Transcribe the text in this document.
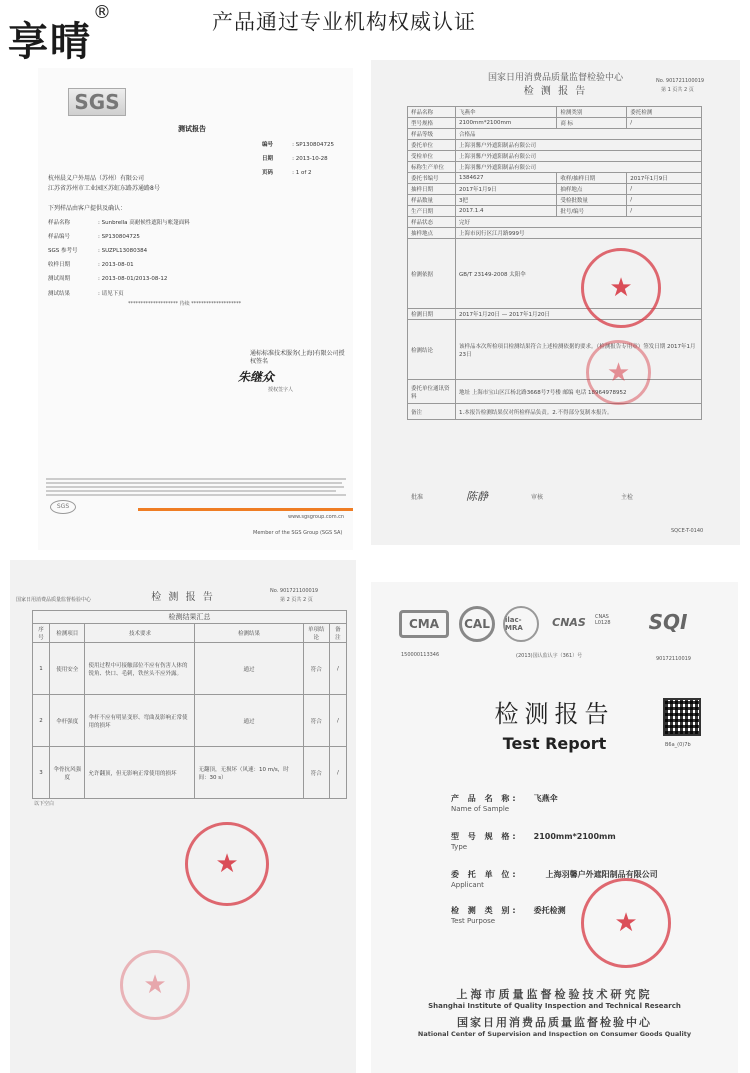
享晴
®	产品通过专业机构权威认证
SGS
测试报告
编号	: SP130804725
日期	: 2013-10-28
页码	: 1 of 2
杭州晨义户外用品（苏州）有限公司
江苏省苏州市工业园区苏虹东路苏通路8号
下列样品由客户提供及确认：
样品名称	: Sunbrella 高耐候性遮阳与帐篷面料
样品编号	: SP130804725
SGS 参考号	: SUZPL13080384
收样日期	: 2013-08-01
测试周期	: 2013-08-01/2013-08-12
测试结果	: 请见下页
******************** 待续 ********************
通标标准技术服务(上海)有限公司授权签名
朱继众
授权签字人
SGS
www.sgsgroup.com.cn
Member of the SGS Group (SGS SA)
国家日用消费品质量监督检验中心
检 测 报 告
No. 901721100019
第 1 页共 2 页
样品名称	飞燕伞	检测类别	委托检测
型号规格	2100mm*2100mm	商 标	/
样品等级	合格品		
委托单位	上海羽馨户外遮阳制品有限公司		
受检单位	上海羽馨户外遮阳制品有限公司		
标称生产单位	上海羽馨户外遮阳制品有限公司		
委托书编号	1384627	收样/抽样日期	2017年1月9日
抽样日期	2017年1月9日	抽样地点	/
样品数量	3把	受检批数量	/
生产日期	2017.1.4	批号/编号	/
样品状态	完好		
抽样地点	上海市闵行区江月路999号		
检测依据	GB/T 23149-2008 太阳伞		
检测日期	2017年1月20日 — 2017年1月20日		
检测结论	该样品本次所检项目检测结果符合上述检测依据的要求。（检测报告专用章）签发日期 2017年1月23日		
委托单位通讯资料	地址 上海市宝山区江杨北路3668号7号楼 邮编 电话 18964978952		
备注	1.本报告检测结果仅对所检样品负责。2.不得部分复制本报告。		
★
★
批准	陈静	审核	主检
SQCE-T-0140
国家日用消费品质量监督检验中心	检 测 报 告
No. 901721100019
第 2 页共 2 页
检测结果汇总					
序号	检测项目	技术要求	检测结果	单项结论	备注
1	使用安全	使用过程中可接触部位不应有伤害人体的锐角、快口、毛刺，铁丝头不应外露。	通过	符合	/
2	伞杆强度	伞杆不应有明显变形、弯曲及影响正常使用的损坏	通过	符合	/
3	伞骨抗风强度	允许翻顶，但无影响正常使用的损坏	无翻顶，无损坏（风速：10 m/s，时间：30 s）	符合	/
以下空白
★
★
CMA	CAL	ilac-MRA	CNAS	CNAS L0128	SQI
150000113346	(2013)国认监认字（361）号	90172110019
B6a_(0)7b
检测报告
Test Report
产 品 名 称: 飞燕伞
Name of Sample
型 号 规 格: 2100mm*2100mm
Type
委 托 单 位:	上海羽馨户外遮阳制品有限公司
Applicant
检 测 类 别: 委托检测
Test Purpose	★
上海市质量监督检验技术研究院
Shanghai Institute of Quality Inspection and Technical Research
国家日用消费品质量监督检验中心
National Center of Supervision and Inspection on Consumer Goods Quality
